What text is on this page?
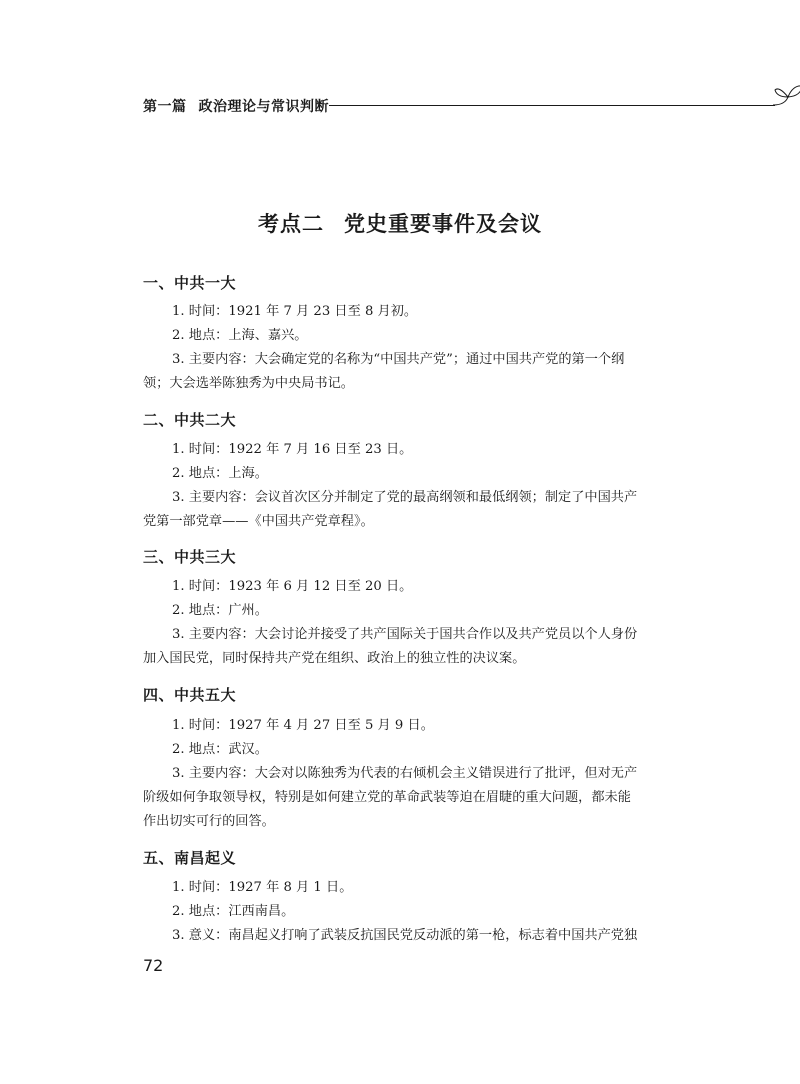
第一篇 政治理论与常识判断
考点二 党史重要事件及会议
一、中共一大
1. 时间：1921 年 7 月 23 日至 8 月初。
2. 地点：上海、嘉兴。
3. 主要内容：大会确定党的名称为“中国共产党”；通过中国共产党的第一个纲
领；大会选举陈独秀为中央局书记。
二、中共二大
1. 时间：1922 年 7 月 16 日至 23 日。
2. 地点：上海。
3. 主要内容：会议首次区分并制定了党的最高纲领和最低纲领；制定了中国共产
党第一部党章——《中国共产党章程》。
三、中共三大
1. 时间：1923 年 6 月 12 日至 20 日。
2. 地点：广州。
3. 主要内容：大会讨论并接受了共产国际关于国共合作以及共产党员以个人身份
加入国民党，同时保持共产党在组织、政治上的独立性的决议案。
四、中共五大
1. 时间：1927 年 4 月 27 日至 5 月 9 日。
2. 地点：武汉。
3. 主要内容：大会对以陈独秀为代表的右倾机会主义错误进行了批评，但对无产
阶级如何争取领导权，特别是如何建立党的革命武装等迫在眉睫的重大问题，都未能
作出切实可行的回答。
五、南昌起义
1. 时间：1927 年 8 月 1 日。
2. 地点：江西南昌。
3. 意义：南昌起义打响了武装反抗国民党反动派的第一枪，标志着中国共产党独
72
